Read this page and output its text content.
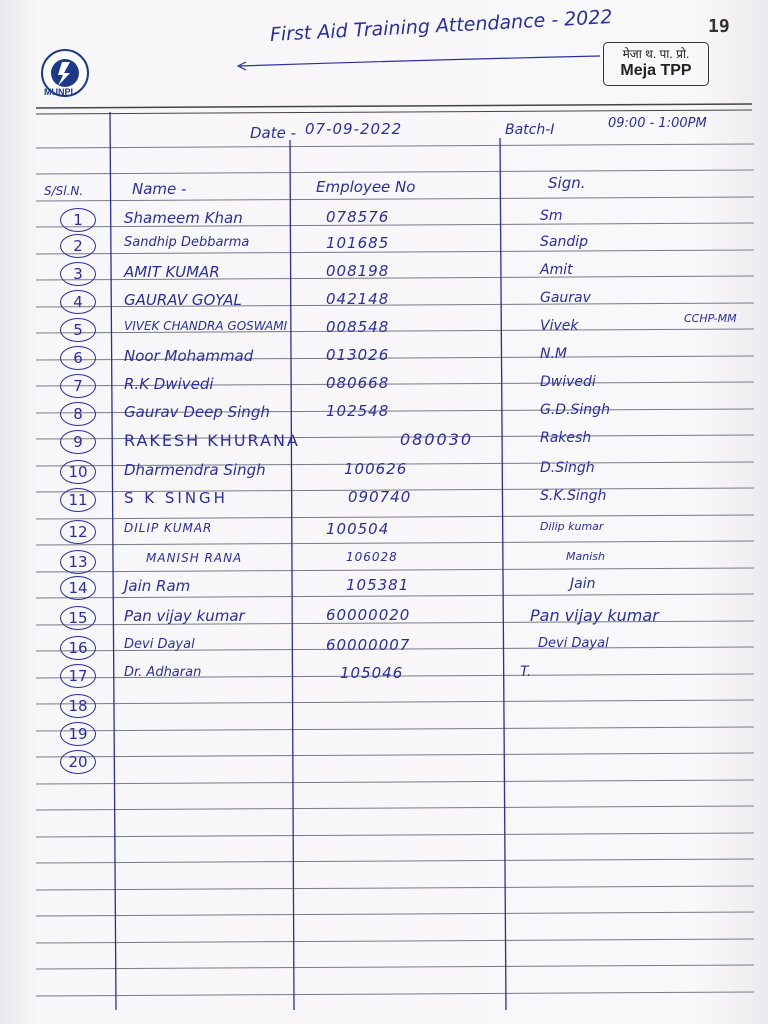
MUNPL
First Aid Training Attendance - 2022	19
मेजा थ. पा. प्रो.
Meja TPP
Date - 07-09-2022	Batch-I	09:00 - 1:00PM
S/Sl.N.	Name -	Employee No	Sign.
CCHP-MM
1	Shameem Khan	078576	Sm
2	Sandhip Debbarma	101685	Sandip
3	AMIT KUMAR	008198	Amit
4	GAURAV GOYAL	042148	Gaurav
5	VIVEK CHANDRA GOSWAMI	008548	Vivek
6	Noor Mohammad	013026	N.M
7	R.K Dwivedi	080668	Dwivedi
8	Gaurav Deep Singh	102548	G.D.Singh
9	RAKESH KHURANA	080030	Rakesh
10	Dharmendra Singh	100626	D.Singh
11	S K SINGH	090740	S.K.Singh
12	DILIP KUMAR	100504	Dilip kumar
13	MANISH RANA	106028	Manish
14	Jain Ram	105381	Jain
15	Pan vijay kumar	60000020	Pan vijay kumar
16	Devi Dayal	60000007	Devi Dayal
17	Dr. Adharan	105046	T.
18
19
20
